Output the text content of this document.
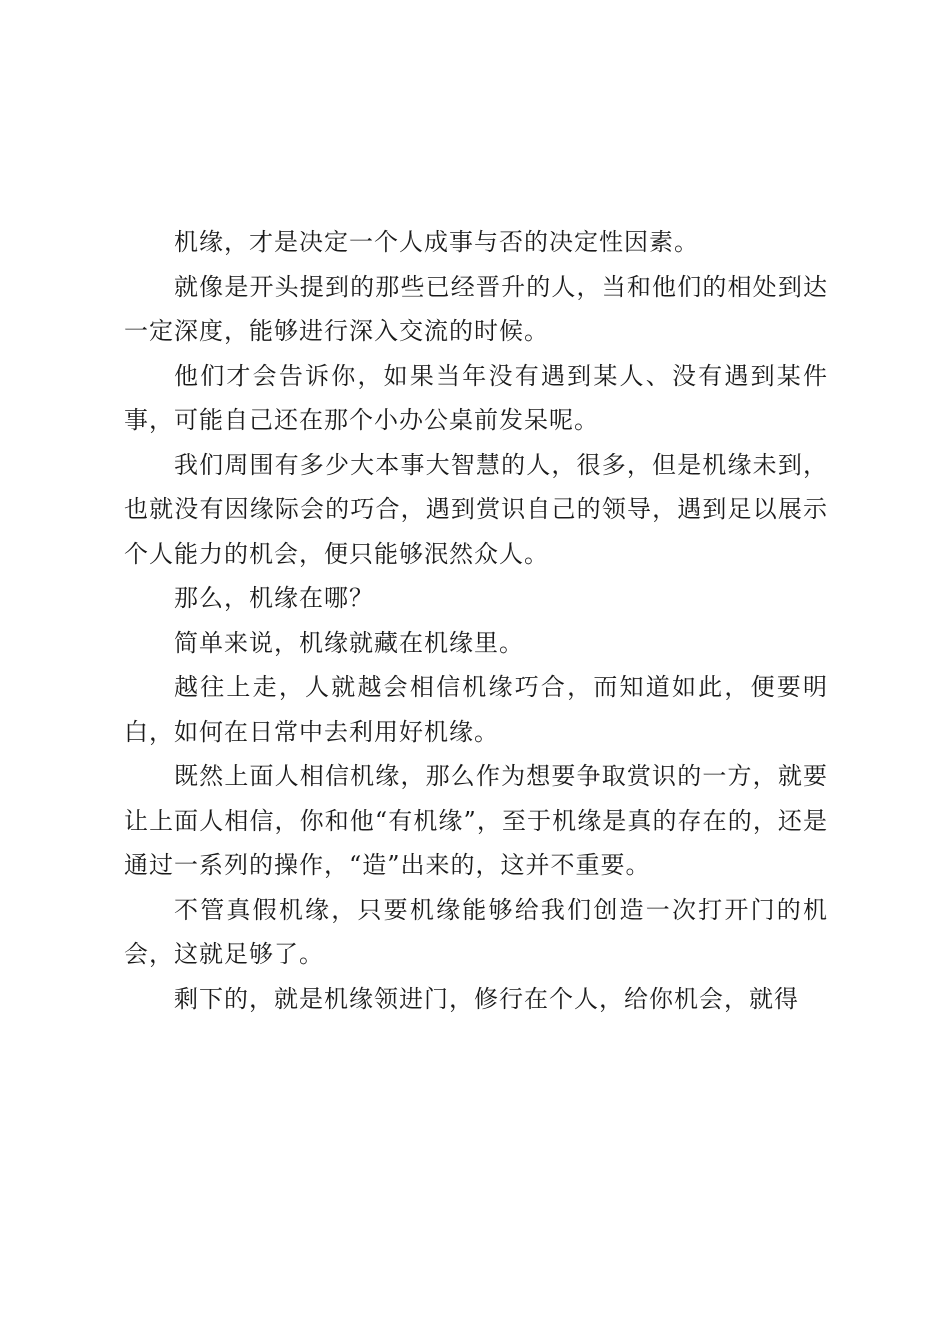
机缘，才是决定一个人成事与否的决定性因素。

就像是开头提到的那些已经晋升的人，当和他们的相处到达一定深度，能够进行深入交流的时候。

他们才会告诉你，如果当年没有遇到某人、没有遇到某件事，可能自己还在那个小办公桌前发呆呢。

我们周围有多少大本事大智慧的人，很多，但是机缘未到，也就没有因缘际会的巧合，遇到赏识自己的领导，遇到足以展示个人能力的机会，便只能够泯然众人。

那么，机缘在哪？

简单来说，机缘就藏在机缘里。

越往上走，人就越会相信机缘巧合，而知道如此，便要明白，如何在日常中去利用好机缘。

既然上面人相信机缘，那么作为想要争取赏识的一方，就要让上面人相信，你和他“有机缘”，至于机缘是真的存在的，还是通过一系列的操作，“造”出来的，这并不重要。

不管真假机缘，只要机缘能够给我们创造一次打开门的机会，这就足够了。

剩下的，就是机缘领进门，修行在个人，给你机会，就得
